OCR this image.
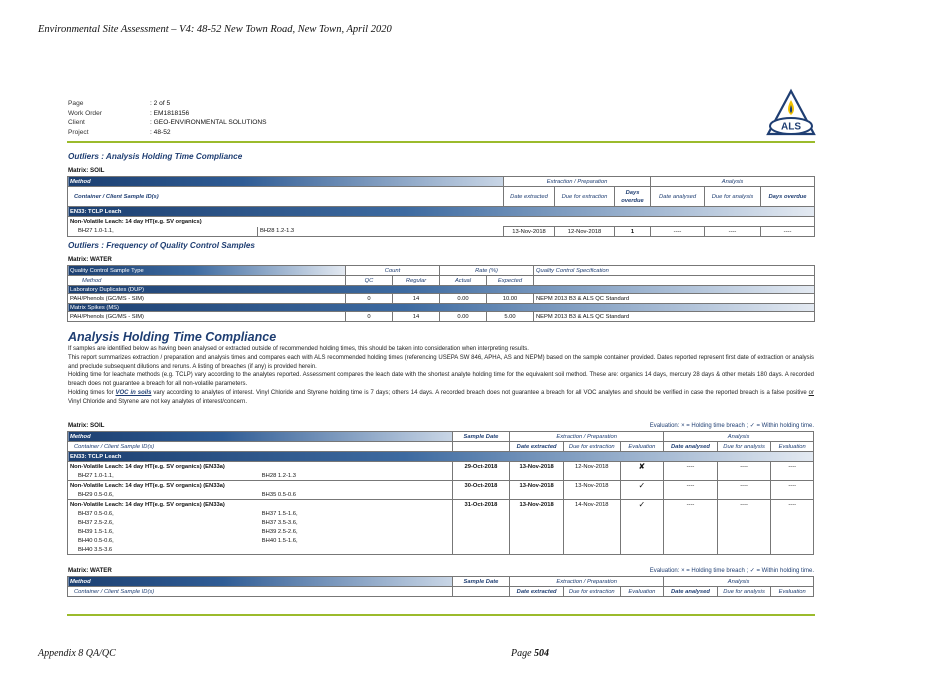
Environmental Site Assessment – V4: 48-52 New Town Road, New Town, April 2020
Page	: 2 of 5
Work Order	: EM1818156
Client	: GEO-ENVIRONMENTAL SOLUTIONS
Project	: 48-52	ALS
Outliers : Analysis Holding Time Compliance
Matrix: SOIL
Method		Extraction / Preparation			Analysis		
Container / Client Sample ID(s)		Date extracted	Due for extraction	Days overdue	Date analysed	Due for analysis	Days overdue
EN33: TCLP Leach							
Non-Volatile Leach: 14 day HT(e.g. SV organics)							
BH27 1.0-1.1,	BH28 1.2-1.3	13-Nov-2018	12-Nov-2018	1	----	----	----
Outliers : Frequency of Quality Control Samples
Matrix: WATER
Quality Control Sample Type	Count		Rate (%)		Quality Control Specification
Method	QC	Regular	Actual	Expected	
Laboratory Duplicates (DUP)					
PAH/Phenols (GC/MS - SIM)	0	14	0.00	10.00	NEPM 2013 B3 & ALS QC Standard
Matrix Spikes (MS)					
PAH/Phenols (GC/MS - SIM)	0	14	0.00	5.00	NEPM 2013 B3 & ALS QC Standard
Analysis Holding Time Compliance

If samples are identified below as having been analysed or extracted outside of recommended holding times, this should be taken into consideration when interpreting results.

This report summarizes extraction / preparation and analysis times and compares each with ALS recommended holding times (referencing USEPA SW 846, APHA, AS and NEPM) based on the sample container provided. Dates reported represent first date of extraction or analysis and preclude subsequent dilutions and reruns. A listing of breaches (if any) is provided herein.

Holding time for leachate methods (e.g. TCLP) vary according to the analytes reported. Assessment compares the leach date with the shortest analyte holding time for the equivalent soil method. These are: organics 14 days, mercury 28 days & other metals 180 days. A recorded breach does not guarantee a breach for all non-volatile parameters.

Holding times for VOC in soils vary according to analytes of interest. Vinyl Chloride and Styrene holding time is 7 days; others 14 days. A recorded breach does not guarantee a breach for all VOC analytes and should be verified in case the reported breach is a false positive or Vinyl Chloride and Styrene are not key analytes of interest/concern.

Matrix: SOIL	Evaluation: × = Holding time breach ; ✓ = Within holding time.
Method		Sample Date	Extraction / Preparation			Analysis		
Container / Client Sample ID(s)			Date extracted	Due for extraction	Evaluation	Date analysed	Due for analysis	Evaluation
EN33: TCLP Leach								
Non-Volatile Leach: 14 day HT(e.g. SV organics) (EN33a)		29-Oct-2018	13-Nov-2018	12-Nov-2018	✘	----	----	----
BH27 1.0-1.1,	BH28 1.2-1.3							
Non-Volatile Leach: 14 day HT(e.g. SV organics) (EN33a)		30-Oct-2018	13-Nov-2018	13-Nov-2018	✓	----	----	----
BH29 0.5-0.6,	BH35 0.5-0.6							
Non-Volatile Leach: 14 day HT(e.g. SV organics) (EN33a)		31-Oct-2018	13-Nov-2018	14-Nov-2018	✓	----	----	----
BH37 0.5-0.6,	BH37 1.5-1.6,							
BH37 2.5-2.6,	BH37 3.5-3.6,							
BH39 1.5-1.6,	BH39 2.5-2.6,							
BH40 0.5-0.6,	BH40 1.5-1.6,							
BH40 3.5-3.6								
Matrix: WATER	Evaluation: × = Holding time breach ; ✓ = Within holding time.
Method	Sample Date	Extraction / Preparation			Analysis		
Container / Client Sample ID(s)		Date extracted	Due for extraction	Evaluation	Date analysed	Due for analysis	Evaluation
Appendix 8 QA/QC	Page 504
